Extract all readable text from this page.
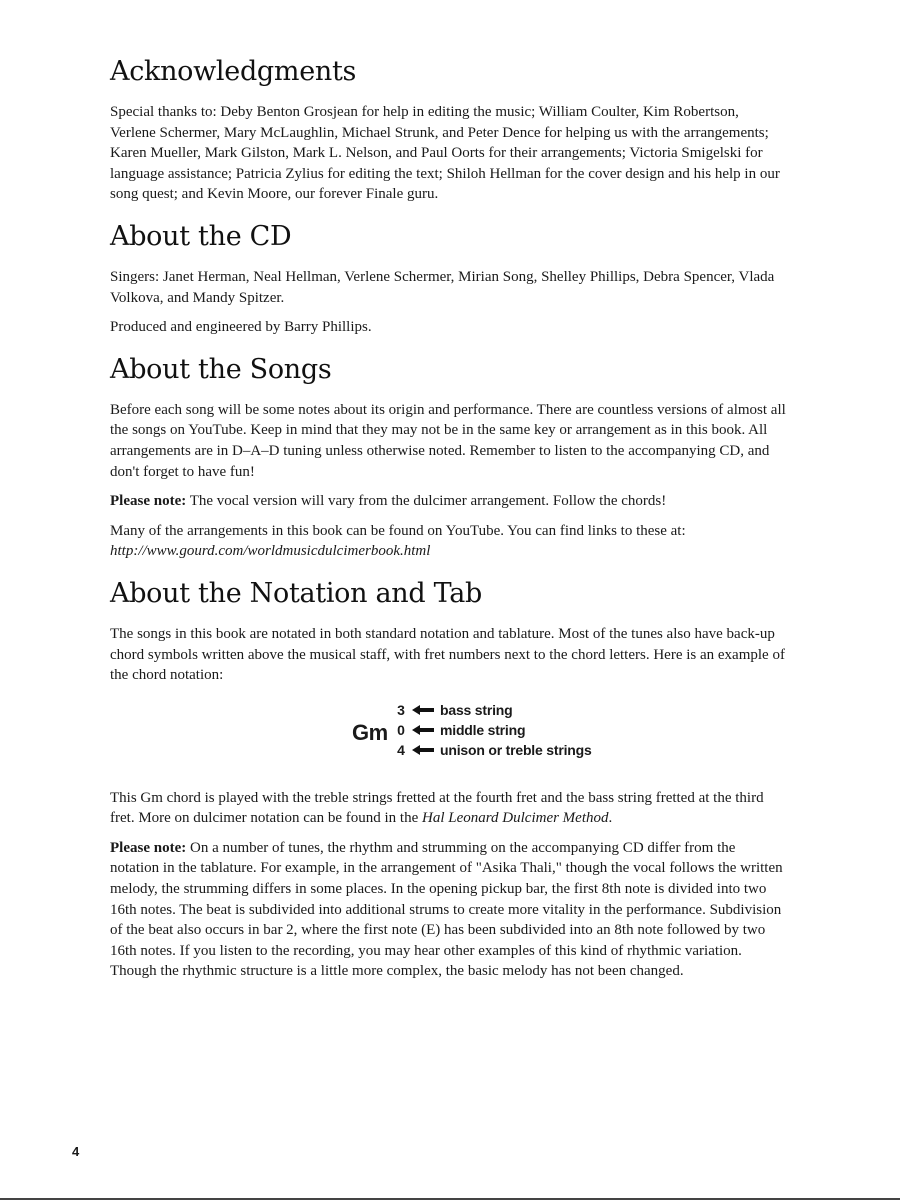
Acknowledgments

Special thanks to: Deby Benton Grosjean for help in editing the music; William Coulter, Kim Robertson, Verlene Schermer, Mary McLaughlin, Michael Strunk, and Peter Dence for helping us with the arrangements; Karen Mueller, Mark Gilston, Mark L. Nelson, and Paul Oorts for their arrangements; Victoria Smigelski for language assistance; Patricia Zylius for editing the text; Shiloh Hellman for the cover design and his help in our song quest; and Kevin Moore, our forever Finale guru.

About the CD

Singers: Janet Herman, Neal Hellman, Verlene Schermer, Mirian Song, Shelley Phillips, Debra Spencer, Vlada Volkova, and Mandy Spitzer.

Produced and engineered by Barry Phillips.

About the Songs

Before each song will be some notes about its origin and performance. There are countless versions of almost all the songs on YouTube. Keep in mind that they may not be in the same key or arrangement as in this book. All arrangements are in D–A–D tuning unless otherwise noted. Remember to listen to the accompanying CD, and don't forget to have fun!

Please note: The vocal version will vary from the dulcimer arrangement. Follow the chords!

Many of the arrangements in this book can be found on YouTube. You can find links to these at:
http://www.gourd.com/worldmusicdulcimerbook.html

About the Notation and Tab

The songs in this book are notated in both standard notation and tablature. Most of the tunes also have back-up chord symbols written above the musical staff, with fret numbers next to the chord letters. Here is an example of the chord notation:

Gm
3	bass string
0	middle string
4	unison or treble strings

This Gm chord is played with the treble strings fretted at the fourth fret and the bass string fretted at the third fret. More on dulcimer notation can be found in the Hal Leonard Dulcimer Method.

Please note: On a number of tunes, the rhythm and strumming on the accompanying CD differ from the notation in the tablature. For example, in the arrangement of "Asika Thali," though the vocal follows the written melody, the strumming differs in some places. In the opening pickup bar, the first 8th note is divided into two 16th notes. The beat is subdivided into additional strums to create more vitality in the performance. Subdivision of the beat also occurs in bar 2, where the first note (E) has been subdivided into an 8th note followed by two 16th notes. If you listen to the recording, you may hear other examples of this kind of rhythmic variation. Though the rhythmic structure is a little more complex, the basic melody has not been changed.

4
